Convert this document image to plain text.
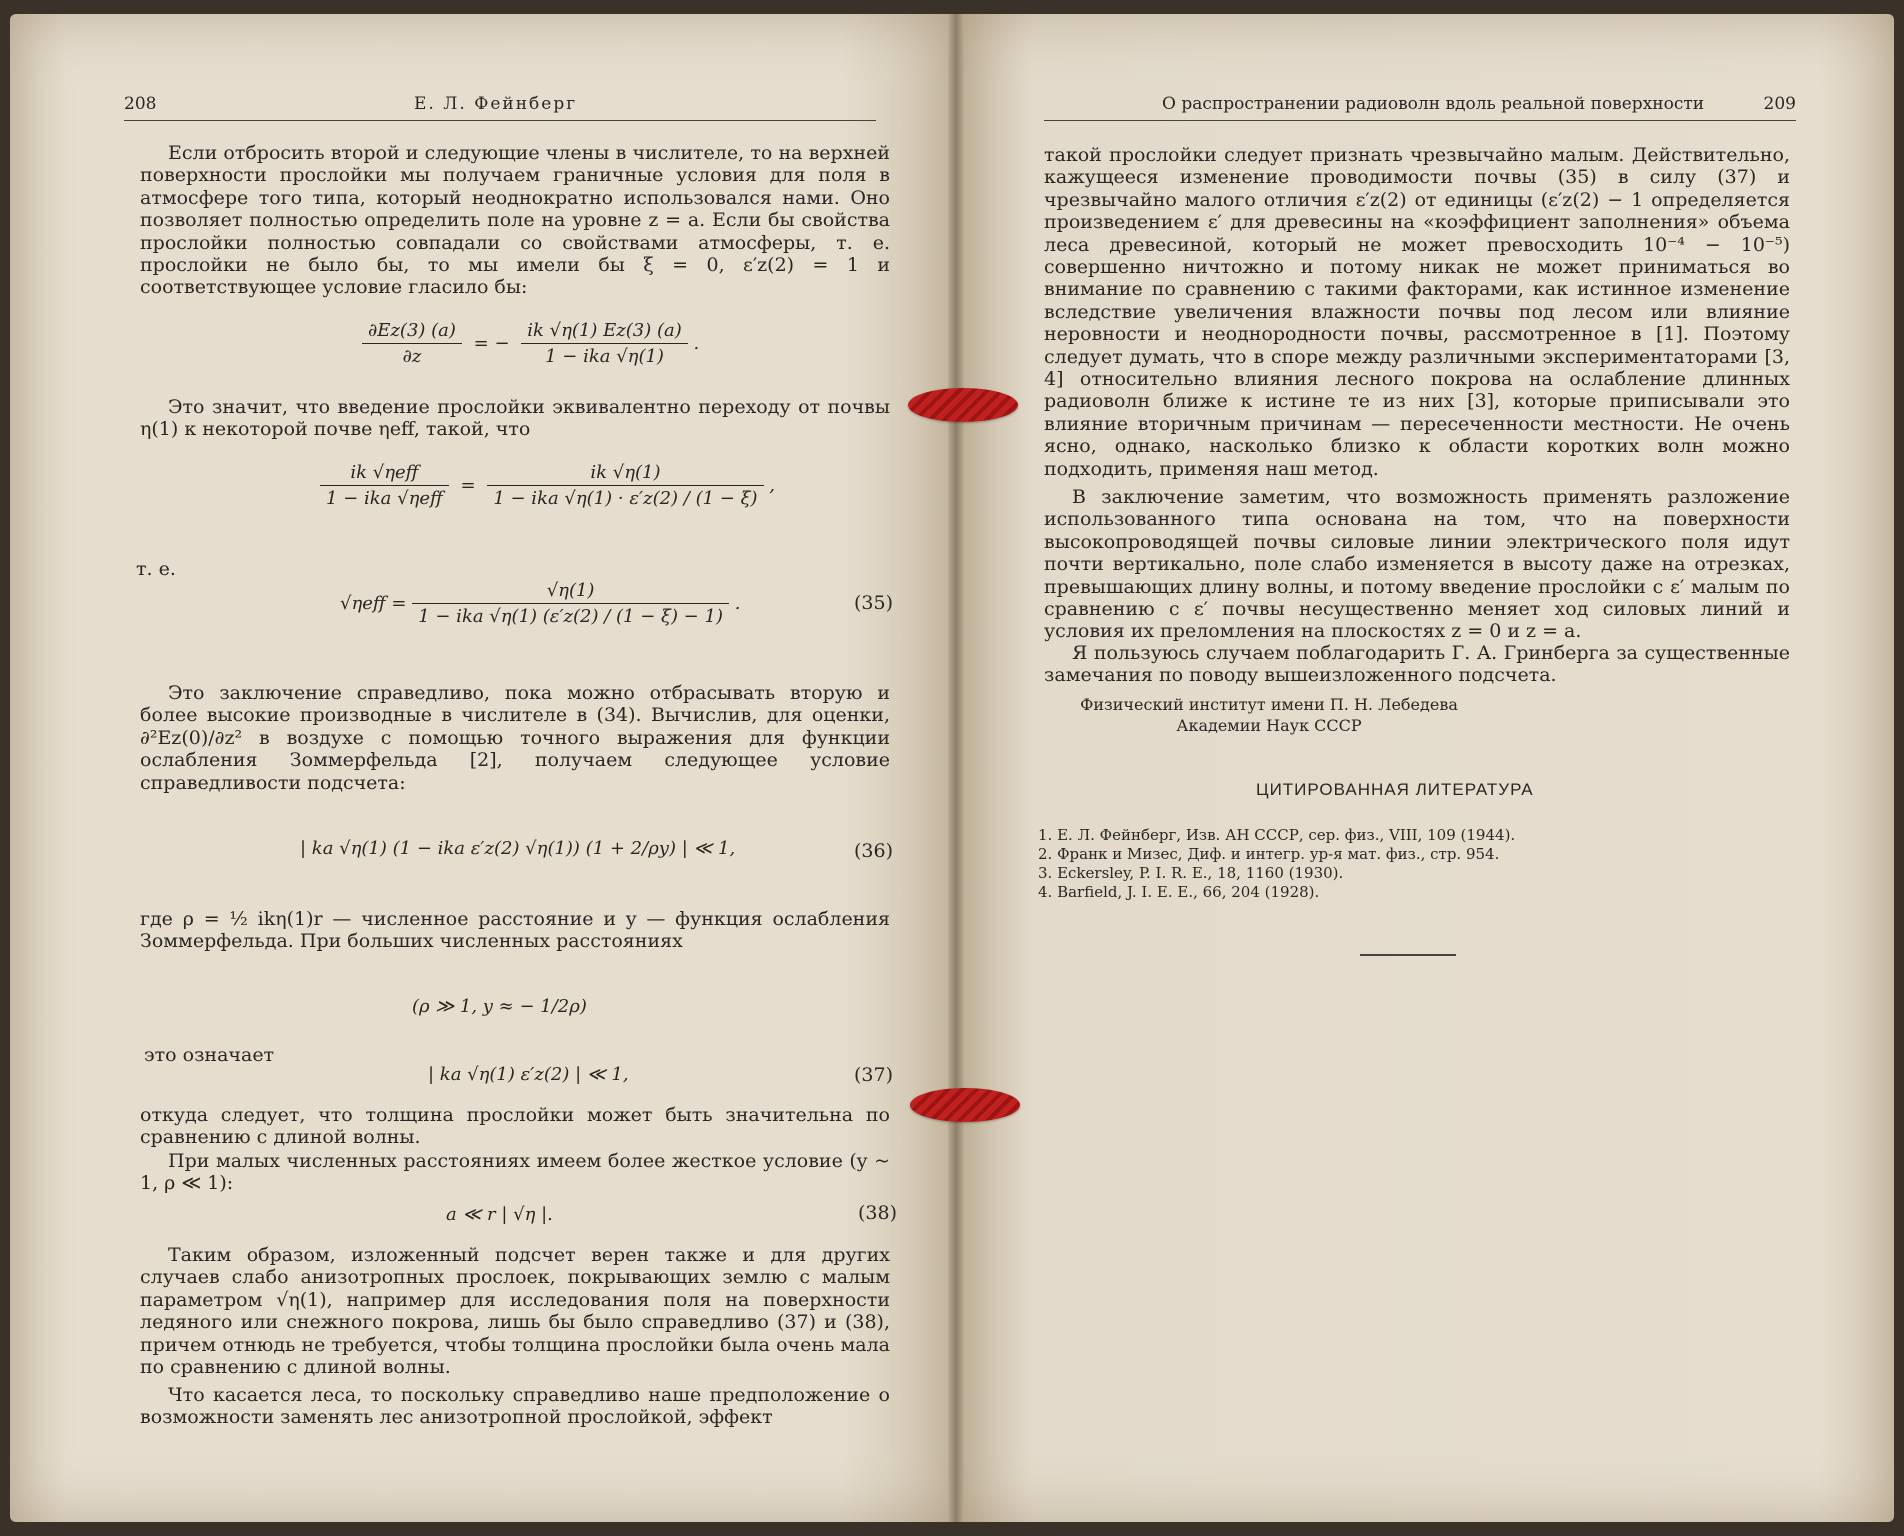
208	Е. Л. Фейнберг

Если отбросить второй и следующие члены в числителе, то на верхней поверхности прослойки мы получаем граничные условия для поля в атмосфере того типа, который неоднократно использовался нами. Оно позволяет полностью определить поле на уровне z = a. Если бы свойства прослойки полностью совпадали со свойствами атмосферы, т. е. прослойки не было бы, то мы имели бы ξ = 0, ε′z(2) = 1 и соответствующее условие гласило бы:

$\frac{\partial Ez(3) (a)}{\partial z}$ = − $\frac{ik √\eta(1) Ez(3) (a)}{\text{1 − ika √η(1)}}$ .

Это значит, что введение прослойки эквивалентно переходу от почвы η(1) к некоторой почве ηeff, такой, что

$\frac{\text{ik √ηeff}}{\text{1 − ika √ηeff}} = \frac{ik √\eta(1)}{\text{1 − ika √η(1) · ε′z(2) / (1 − ξ)}}$ ,
т. е.
$√\eta eff = \frac{√\eta(1)}{\text{1 − ika √η(1) (ε′z(2) / (1 − ξ) − 1)}}$ .	(35)

Это заключение справедливо, пока можно отбрасывать вторую и более высокие производные в числителе в (34). Вычислив, для оценки, ∂²Ez(0)/∂z² в воздухе с помощью точного выражения для функции ослабления Зоммерфельда [2], получаем следующее условие справедливости подсчета:

| ka √η(1) (1 − ika ε′z(2) √η(1)) (1 + 2/ρy) | ≪ 1,	(36)

где ρ = ½ ikη(1)r — численное расстояние и y — функция ослабления Зоммерфельда. При больших численных расстояниях

(ρ ≫ 1, y ≈ − 1/2ρ)
это означает
| ka √η(1) ε′z(2) | ≪ 1,	(37)

откуда следует, что толщина прослойки может быть значительна по сравнению с длиной волны.

При малых численных расстояниях имеем более жесткое условие (y ~ 1, ρ ≪ 1):

a ≪ r | √η |.	(38)

Таким образом, изложенный подсчет верен также и для других случаев слабо анизотропных прослоек, покрывающих землю с малым параметром √η(1), например для исследования поля на поверхности ледяного или снежного покрова, лишь бы было справедливо (37) и (38), причем отнюдь не требуется, чтобы толщина прослойки была очень мала по сравнению с длиной волны.

Что касается леса, то поскольку справедливо наше предположение о возможности заменять лес анизотропной прослойкой, эффект

О распространении радиоволн вдоль реальной поверхности	209

такой прослойки следует признать чрезвычайно малым. Действительно, кажущееся изменение проводимости почвы (35) в силу (37) и чрезвычайно малого отличия ε′z(2) от единицы (ε′z(2) − 1 определяется произведением ε′ для древесины на «коэффициент заполнения» объема леса древесиной, который не может превосходить 10⁻⁴ − 10⁻⁵) совершенно ничтожно и потому никак не может приниматься во внимание по сравнению с такими факторами, как истинное изменение вследствие увеличения влажности почвы под лесом или влияние неровности и неоднородности почвы, рассмотренное в [1]. Поэтому следует думать, что в споре между различными экспериментаторами [3, 4] относительно влияния лесного покрова на ослабление длинных радиоволн ближе к истине те из них [3], которые приписывали это влияние вторичным причинам — пересеченности местности. Не очень ясно, однако, насколько близко к области коротких волн можно подходить, применяя наш метод.

В заключение заметим, что возможность применять разложение использованного типа основана на том, что на поверхности высокопроводящей почвы силовые линии электрического поля идут почти вертикально, поле слабо изменяется в высоту даже на отрезках, превышающих длину волны, и потому введение прослойки с ε′ малым по сравнению с ε′ почвы несущественно меняет ход силовых линий и условия их преломления на плоскостях z = 0 и z = a.

Я пользуюсь случаем поблагодарить Г. А. Гринберга за существенные замечания по поводу вышеизложенного подсчета.

Физический институт имени П. Н. Лебедева
Академии Наук СССР
ЦИТИРОВАННАЯ ЛИТЕРАТУРА
1. Е. Л. Фейнберг, Изв. АН СССР, сер. физ., VIII, 109 (1944).
2. Франк и Мизес, Диф. и интегр. ур-я мат. физ., стр. 954.
3. Eckersley, P. I. R. E., 18, 1160 (1930).
4. Barfield, J. I. E. E., 66, 204 (1928).
